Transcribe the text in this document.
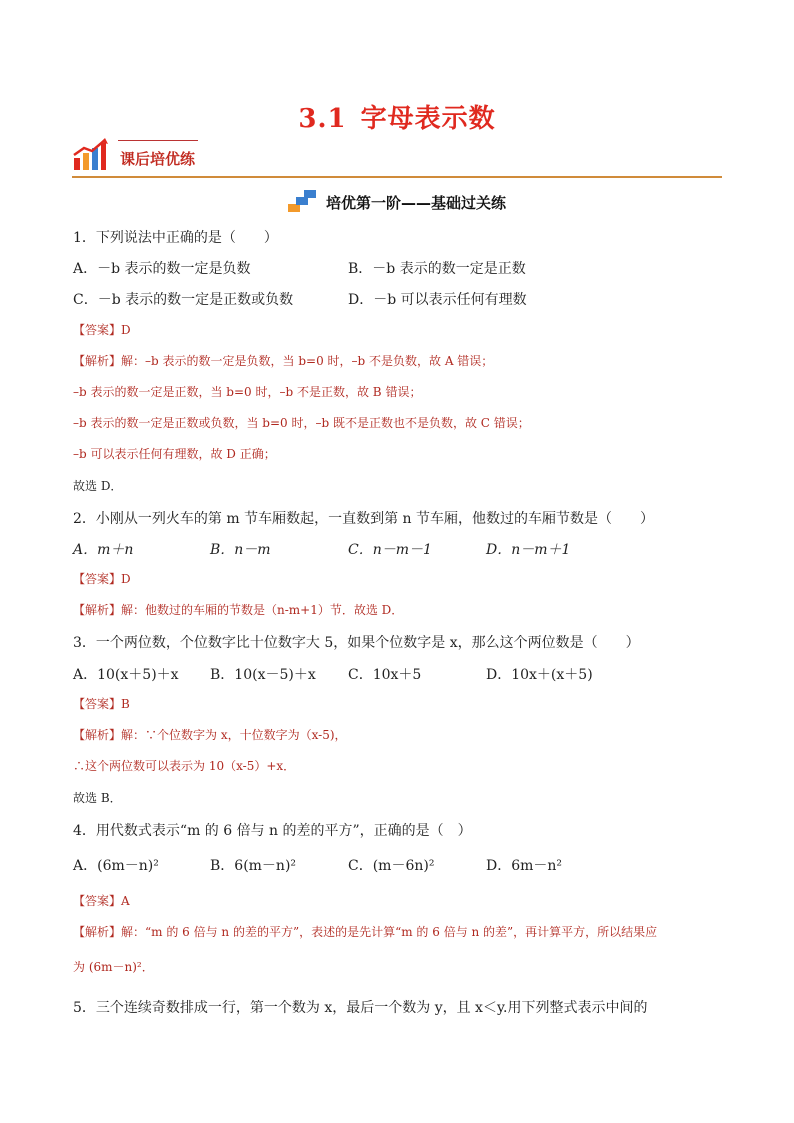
3.1 字母表示数
课后培优练
培优第一阶——基础过关练
1．下列说法中正确的是（　　）
A．－b 表示的数一定是负数	B．－b 表示的数一定是正数
C．－b 表示的数一定是正数或负数	D．－b 可以表示任何有理数
【答案】D
【解析】解：–b 表示的数一定是负数，当 b=0 时，–b 不是负数，故 A 错误；
–b 表示的数一定是正数，当 b=0 时，–b 不是正数，故 B 错误；
–b 表示的数一定是正数或负数，当 b=0 时，–b 既不是正数也不是负数，故 C 错误；
–b 可以表示任何有理数，故 D 正确；
故选 D．
2．小刚从一列火车的第 m 节车厢数起，一直数到第 n 节车厢，他数过的车厢节数是（　　）
A．m＋n	B．n－m	C．n－m－1	D．n－m＋1
【答案】D
【解析】解：他数过的车厢的节数是（n-m+1）节．故选 D．
3．一个两位数，个位数字比十位数字大 5，如果个位数字是 x，那么这个两位数是（　　）
A．10(x＋5)＋x B．10(x－5)＋x C．10x＋5	D．10x＋(x＋5)
【答案】B
【解析】解：∵个位数字为 x，十位数字为（x-5)，
∴这个两位数可以表示为 10（x-5）+x．
故选 B．
4．用代数式表示“m 的 6 倍与 n 的差的平方”，正确的是（　）
A．(6m－n)²	B．6(m－n)²	C．(m－6n)²	D．6m－n²
【答案】A
【解析】解：“m 的 6 倍与 n 的差的平方”，表述的是先计算“m 的 6 倍与 n 的差”，再计算平方，所以结果应
为 (6m－n)²．
5．三个连续奇数排成一行，第一个数为 x，最后一个数为 y，且 x＜y.用下列整式表示中间的
